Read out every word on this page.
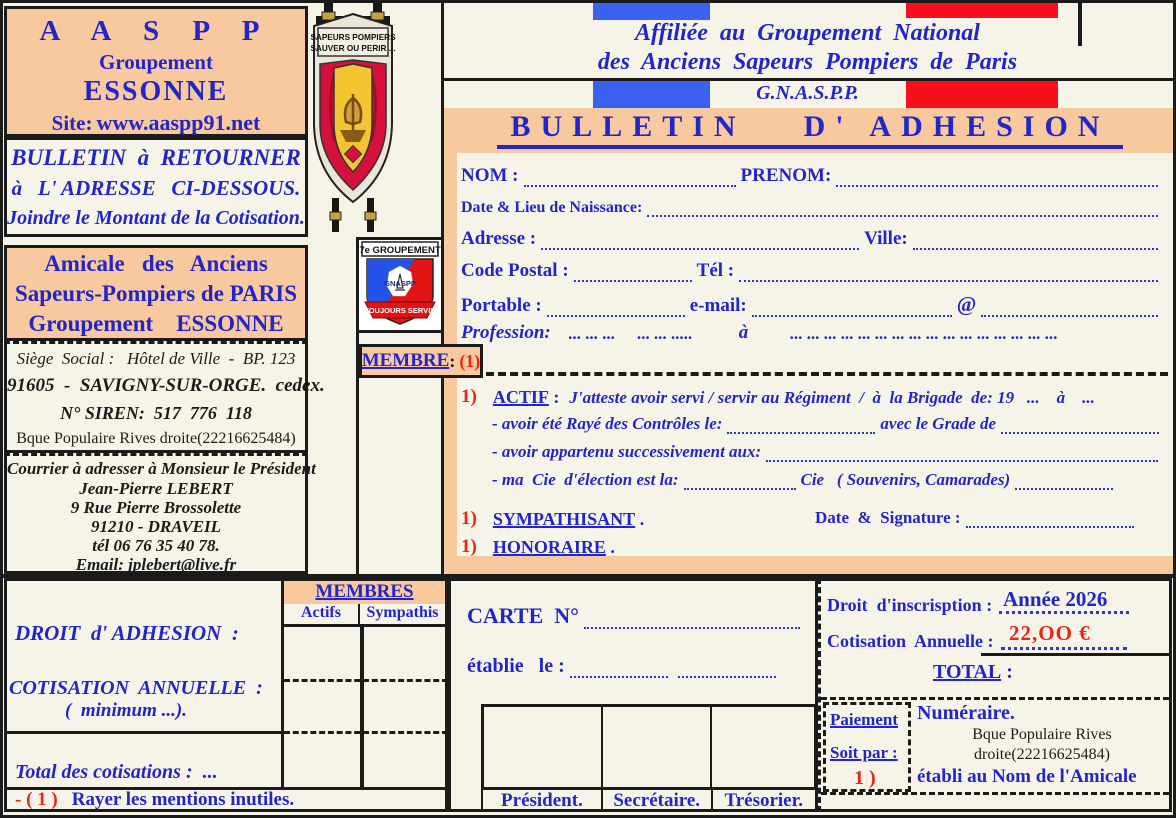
A A S P P
Groupement
ESSONNE
Site: www.aaspp91.net
BULLETIN  à  RETOURNER
à   L' ADRESSE   CI-DESSOUS.
Joindre le Montant de la Cotisation.
Amicale   des   Anciens
Sapeurs-Pompiers de PARIS
Groupement    ESSONNE
Siège  Social :   Hôtel de Ville  -  BP. 123
91605  -  SAVIGNY-SUR-ORGE.  cedex.
N° SIREN:  517  776  118
Bque Populaire Rives droite(22216625484)
Courrier à adresser à Monsieur le Président
Jean-Pierre LEBERT
9 Rue Pierre Brossolette
91210 - DRAVEIL
tél 06 76 35 40 78.
Email: jplebert@live.fr
SAPEURS POMPIERS
SAUVER OU PERIR ...
7e GROUPEMENT
GNASPP
TOUJOURS SERVIR
Affiliée  au  Groupement  National
des  Anciens  Sapeurs  Pompiers  de  Paris
G.N.A.S.P.P.
BULLETIN D' ADHESION
NOM :	PRENOM:
Date & Lieu de Naissance:
Adresse :	Ville:
Code Postal :	Tél :
Portable :	e-mail:	@
Profession: ... ... ... ... ... ..... à ... ... ... ... ... ... ... ... ... ... ... ... ... ... ... ...
MEMBRE : (1)
1) ACTIF : J'atteste avoir servi / servir au Régiment  /  à  la Brigade  de: 19   ...    à    ...
- avoir été Rayé des Contrôles le:	avec le Grade de
- avoir appartenu successivement aux:
- ma  Cie  d'élection est la:	Cie   ( Souvenirs, Camarades)
1) SYMPATHISANT .	Date  &  Signature :
1) HONORAIRE .
MEMBRES
Actifs	Sympathis
DROIT  d' ADHESION  :
COTISATION  ANNUELLE  :
(  minimum ...).
Total des cotisations :  ...
- ( 1 ) Rayer les mentions inutiles.
CARTE  N°
établie   le :
Président.	Secrétaire.	Trésorier.
Droit  d'inscrisption : Année 2026
Cotisation  Annuelle : 22,OO €
TOTAL :
Paiement
Soit par :
1 )
Numéraire.
Bque Populaire Rives
droite(22216625484)
établi au Nom de l'Amicale
